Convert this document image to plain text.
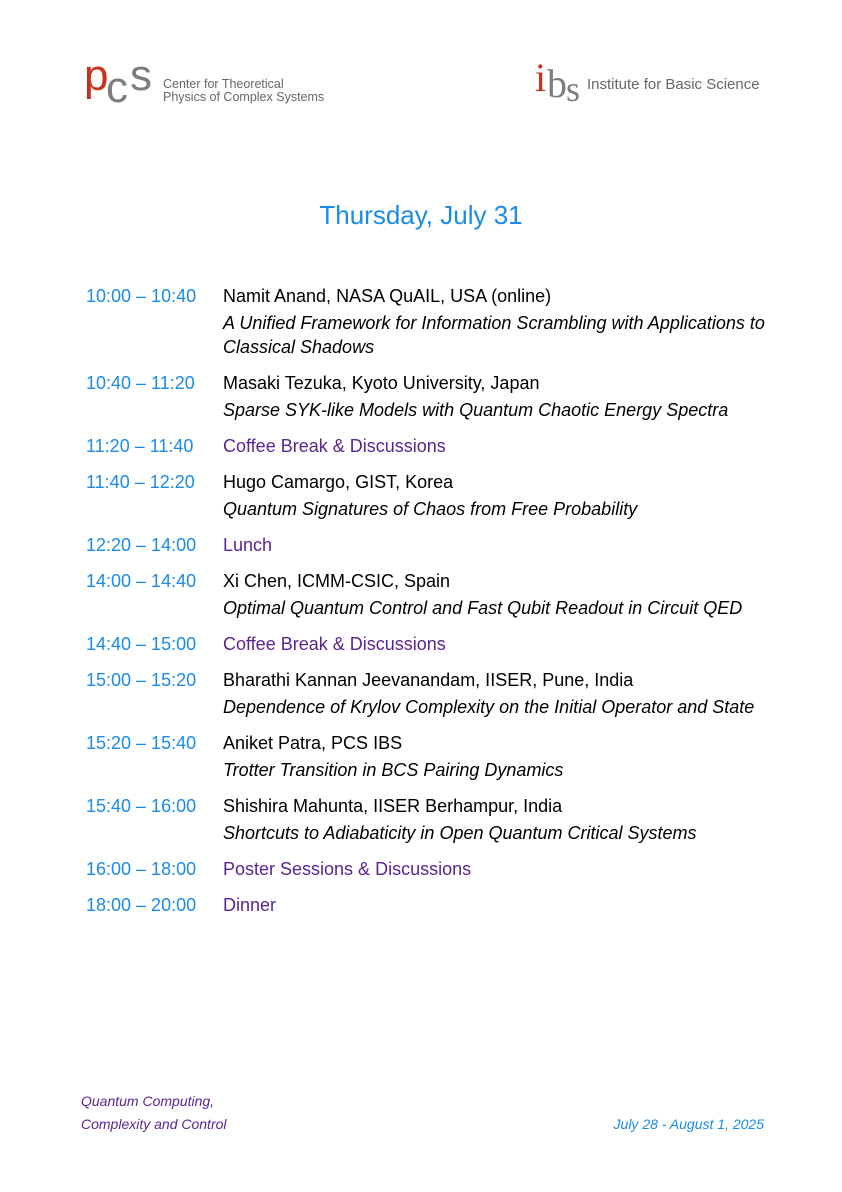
p
c s Center for Theoretical
Physics of Complex Systems	i b s Institute for Basic Science
Thursday, July 31
10:00 – 10:40	Namit Anand, NASA QuAIL, USA (online)
A Unified Framework for Information Scrambling with Applications to Classical Shadows
10:40 – 11:20	Masaki Tezuka, Kyoto University, Japan
Sparse SYK-like Models with Quantum Chaotic Energy Spectra
11:20 – 11:40	Coffee Break & Discussions
11:40 – 12:20	Hugo Camargo, GIST, Korea
Quantum Signatures of Chaos from Free Probability
12:20 – 14:00	Lunch
14:00 – 14:40	Xi Chen, ICMM-CSIC, Spain
Optimal Quantum Control and Fast Qubit Readout in Circuit QED
14:40 – 15:00	Coffee Break & Discussions
15:00 – 15:20	Bharathi Kannan Jeevanandam, IISER, Pune, India
Dependence of Krylov Complexity on the Initial Operator and State
15:20 – 15:40	Aniket Patra, PCS IBS
Trotter Transition in BCS Pairing Dynamics
15:40 – 16:00	Shishira Mahunta, IISER Berhampur, India
Shortcuts to Adiabaticity in Open Quantum Critical Systems
16:00 – 18:00	Poster Sessions & Discussions
18:00 – 20:00	Dinner
Quantum Computing,
Complexity and Control	July 28 - August 1, 2025
